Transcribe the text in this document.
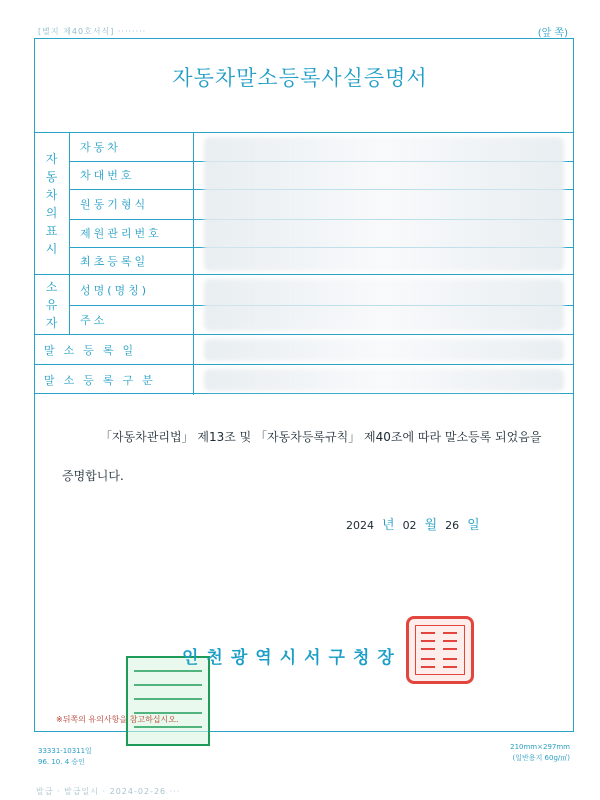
[별지 제40호서식] ········	(앞 쪽)
자동차말소등록사실증명서
자
동
차
의
표
시
자동차
차대번호
원동기형식
제원관리번호
최초등록일
소
유
자
성명(명칭)
주소
말소등록일
말소등록구분
「자동차관리법」 제13조 및 「자동차등록규칙」 제40조에 따라 말소등록 되었음을
증명합니다.
2024 년 02 월 26 일
인천광역시서구청장
※뒤쪽의 유의사항을 참고하십시오.
33331-10311일
96. 10. 4 승인
210mm×297mm
(일반용지 60g/㎡)
발급 · 발급일시 · 2024-02-26 ···
